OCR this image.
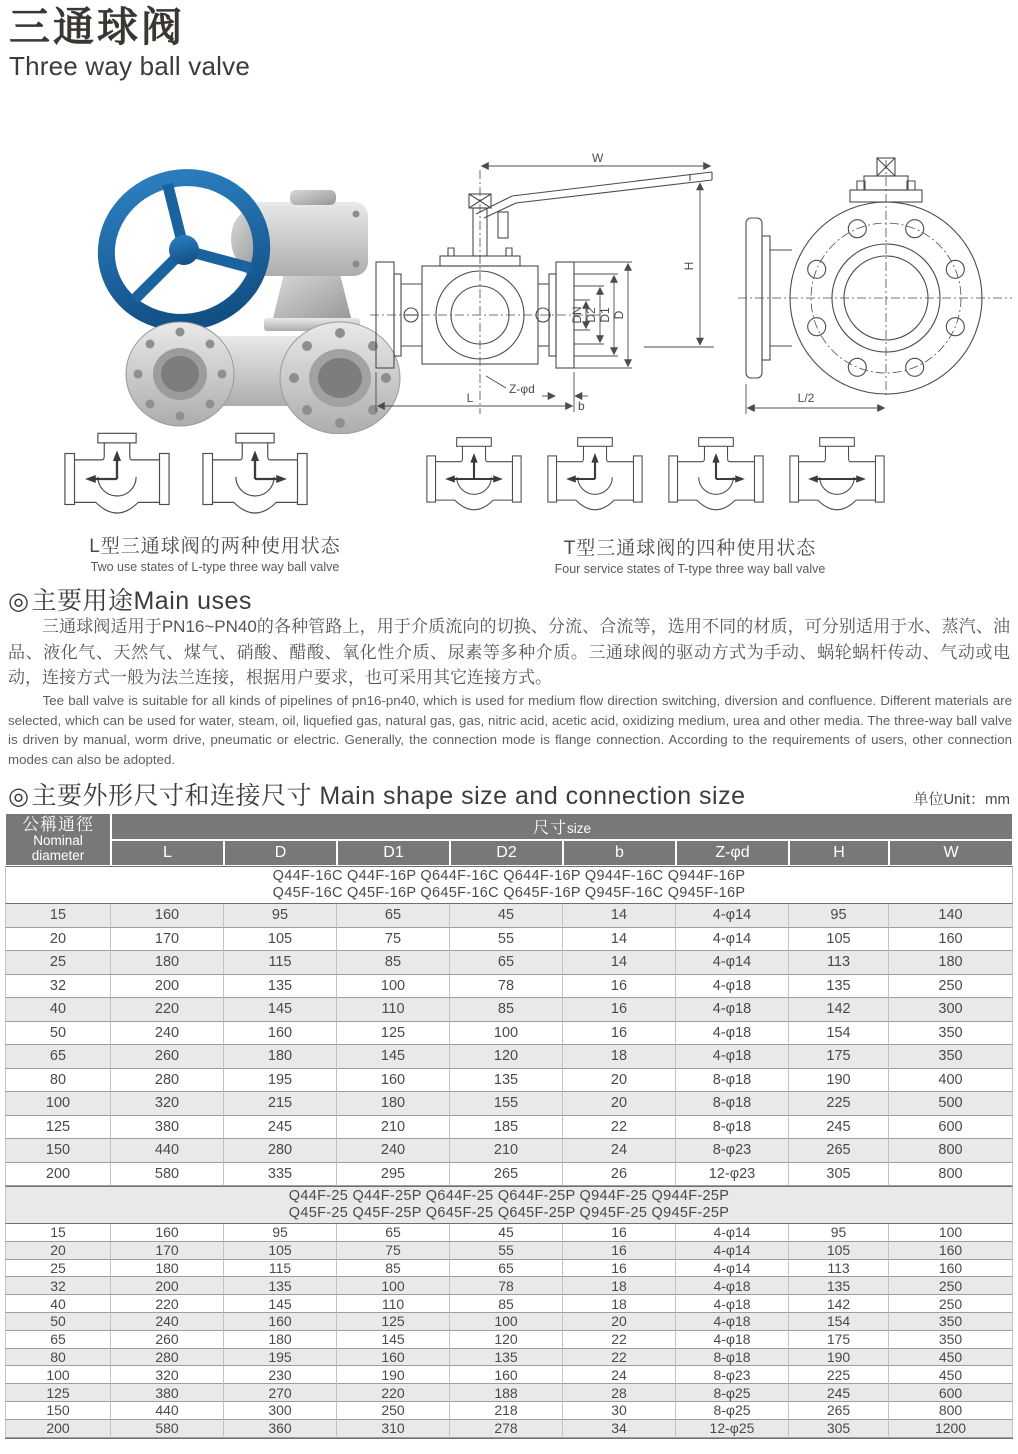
三通球阀
Three way ball valve
W
H
DN D2 D1 D
L
Z-φd
b
L/2
L型三通球阀的两种使用状态
Two use states of L-type three way ball valve
T型三通球阀的四种使用状态
Four service states of T-type three way ball valve
◎主要用途Main uses
三通球阀适用于PN16~PN40的各种管路上，用于介质流向的切换、分流、合流等，选用不同的材质，可分别适用于水、蒸汽、油品、液化气、天然气、煤气、硝酸、醋酸、氧化性介质、尿素等多种介质。三通球阀的驱动方式为手动、蜗轮蜗杆传动、气动或电动，连接方式一般为法兰连接，根据用户要求，也可采用其它连接方式。
Tee ball valve is suitable for all kinds of pipelines of pn16-pn40, which is used for medium flow direction switching, diversion and confluence. Different materials are selected, which can be used for water, steam, oil, liquefied gas, natural gas, gas, nitric acid, acetic acid, oxidizing medium, urea and other media. The three-way ball valve is driven by manual, worm drive, pneumatic or electric. Generally, the connection mode is flange connection. According to the requirements of users, other connection modes can also be adopted.
◎主要外形尺寸和连接尺寸 Main shape size and connection size	单位Unit：mm
公稱通徑
Nominal diameter	尺寸size							
	L	D	D1	D2	b	Z-φd	H	W

Q44F-16C Q44F-16P Q644F-16C Q644F-16P Q944F-16C Q944F-16P
Q45F-16C Q45F-16P Q645F-16C Q645F-16P Q945F-16C Q945F-16P								

15	160	95	65	45	14	4-φ14	95	140
20	170	105	75	55	14	4-φ14	105	160
25	180	115	85	65	14	4-φ14	113	180
32	200	135	100	78	16	4-φ18	135	250
40	220	145	110	85	16	4-φ18	142	300
50	240	160	125	100	16	4-φ18	154	350
65	260	180	145	120	18	4-φ18	175	350
80	280	195	160	135	20	8-φ18	190	400
100	320	215	180	155	20	8-φ18	225	500
125	380	245	210	185	22	8-φ18	245	600
150	440	280	240	210	24	8-φ23	265	800
200	580	335	295	265	26	12-φ23	305	800

Q44F-25 Q44F-25P Q644F-25 Q644F-25P Q944F-25 Q944F-25P
Q45F-25 Q45F-25P Q645F-25 Q645F-25P Q945F-25 Q945F-25P								

15	160	95	65	45	16	4-φ14	95	100
20	170	105	75	55	16	4-φ14	105	160
25	180	115	85	65	16	4-φ14	113	160
32	200	135	100	78	18	4-φ18	135	250
40	220	145	110	85	18	4-φ18	142	250
50	240	160	125	100	20	4-φ18	154	350
65	260	180	145	120	22	4-φ18	175	350
80	280	195	160	135	22	8-φ18	190	450
100	320	230	190	160	24	8-φ23	225	450
125	380	270	220	188	28	8-φ25	245	600
150	440	300	250	218	30	8-φ25	265	800
200	580	360	310	278	34	12-φ25	305	1200
